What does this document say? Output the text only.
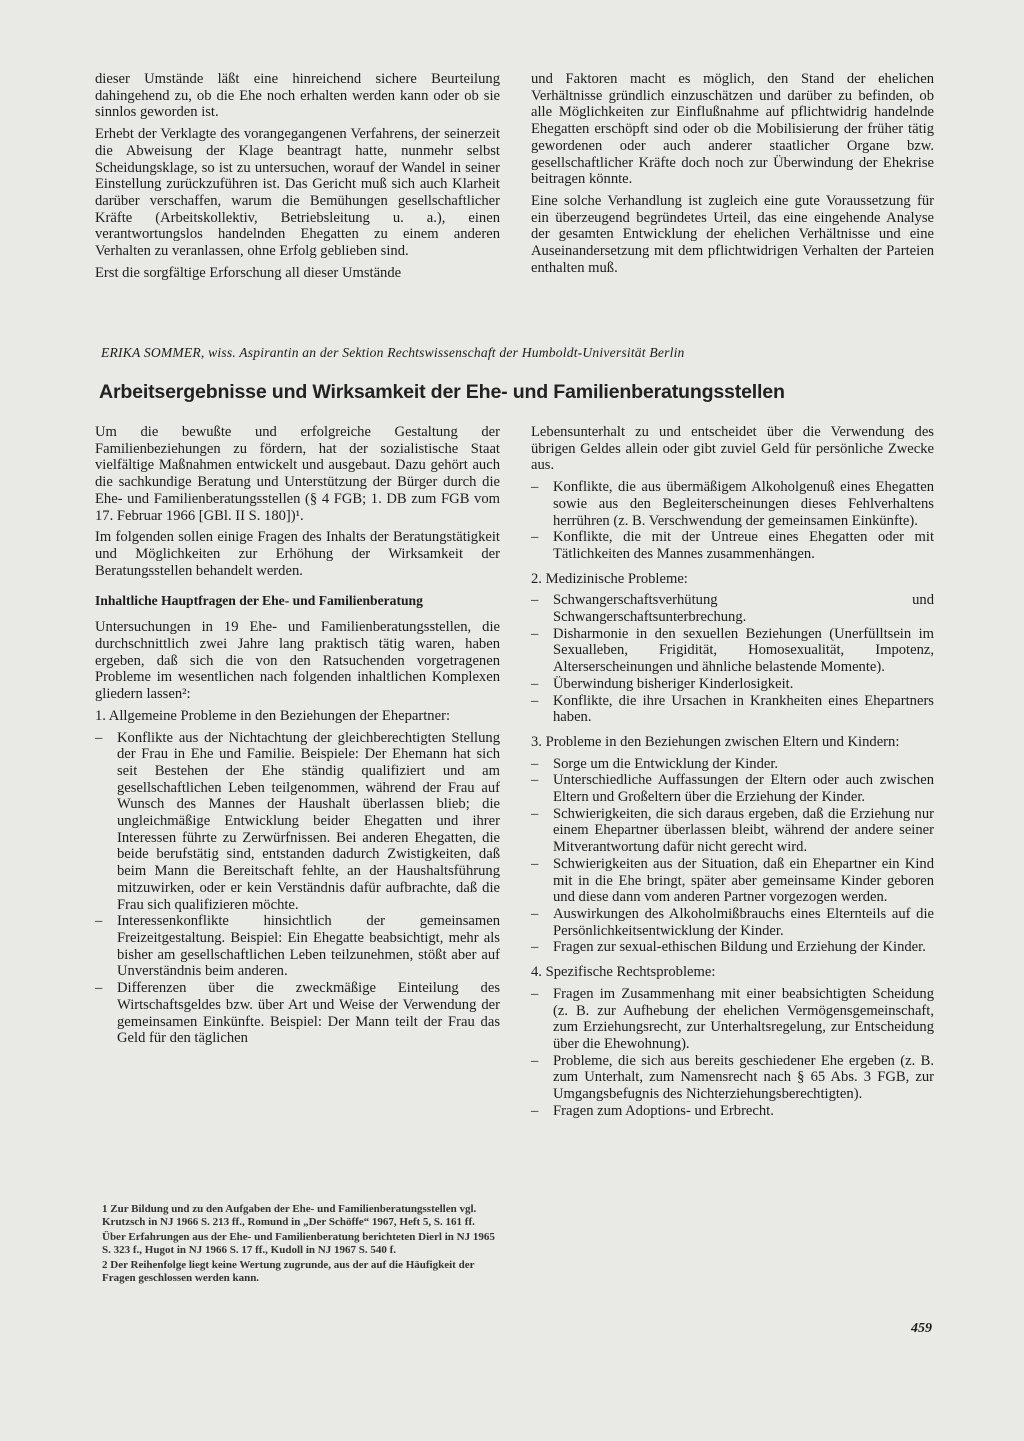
dieser Umstände läßt eine hinreichend sichere Beurteilung dahingehend zu, ob die Ehe noch erhalten werden kann oder ob sie sinnlos geworden ist.

Erhebt der Verklagte des vorangegangenen Verfahrens, der seinerzeit die Abweisung der Klage beantragt hatte, nunmehr selbst Scheidungsklage, so ist zu untersuchen, worauf der Wandel in seiner Einstellung zurückzuführen ist. Das Gericht muß sich auch Klarheit darüber verschaffen, warum die Bemühungen gesellschaftlicher Kräfte (Arbeitskollektiv, Betriebsleitung u. a.), einen verantwortungslos handelnden Ehegatten zu einem anderen Verhalten zu veranlassen, ohne Erfolg geblieben sind.

Erst die sorgfältige Erforschung all dieser Umstände

und Faktoren macht es möglich, den Stand der ehelichen Verhältnisse gründlich einzuschätzen und darüber zu befinden, ob alle Möglichkeiten zur Einflußnahme auf pflichtwidrig handelnde Ehegatten erschöpft sind oder ob die Mobilisierung der früher tätig gewordenen oder auch anderer staatlicher Organe bzw. gesellschaftlicher Kräfte doch noch zur Überwindung der Ehekrise beitragen könnte.

Eine solche Verhandlung ist zugleich eine gute Voraussetzung für ein überzeugend begründetes Urteil, das eine eingehende Analyse der gesamten Entwicklung der ehelichen Verhältnisse und eine Auseinandersetzung mit dem pflichtwidrigen Verhalten der Parteien enthalten muß.

ERIKA SOMMER, wiss. Aspirantin an der Sektion Rechtswissenschaft der Humboldt-Universität Berlin
Arbeitsergebnisse und Wirksamkeit der Ehe- und Familienberatungsstellen

Um die bewußte und erfolgreiche Gestaltung der Familienbeziehungen zu fördern, hat der sozialistische Staat vielfältige Maßnahmen entwickelt und ausgebaut. Dazu gehört auch die sachkundige Beratung und Unterstützung der Bürger durch die Ehe- und Familienberatungsstellen (§ 4 FGB; 1. DB zum FGB vom 17. Februar 1966 [GBl. II S. 180])¹.

Im folgenden sollen einige Fragen des Inhalts der Beratungstätigkeit und Möglichkeiten zur Erhöhung der Wirksamkeit der Beratungsstellen behandelt werden.

Inhaltliche Hauptfragen der Ehe- und Familienberatung

Untersuchungen in 19 Ehe- und Familienberatungsstellen, die durchschnittlich zwei Jahre lang praktisch tätig waren, haben ergeben, daß sich die von den Ratsuchenden vorgetragenen Probleme im wesentlichen nach folgenden inhaltlichen Komplexen gliedern lassen²:

1. Allgemeine Probleme in den Beziehungen der Ehepartner:

–	Konflikte aus der Nichtachtung der gleichberechtigten Stellung der Frau in Ehe und Familie. Beispiele: Der Ehemann hat sich seit Bestehen der Ehe ständig qualifiziert und am gesellschaftlichen Leben teilgenommen, während der Frau auf Wunsch des Mannes der Haushalt überlassen blieb; die ungleichmäßige Entwicklung beider Ehegatten und ihrer Interessen führte zu Zerwürfnissen. Bei anderen Ehegatten, die beide berufstätig sind, entstanden dadurch Zwistigkeiten, daß beim Mann die Bereitschaft fehlte, an der Haushaltsführung mitzuwirken, oder er kein Verständnis dafür aufbrachte, daß die Frau sich qualifizieren möchte.
–	Interessenkonflikte hinsichtlich der gemeinsamen Freizeitgestaltung. Beispiel: Ein Ehegatte beabsichtigt, mehr als bisher am gesellschaftlichen Leben teilzunehmen, stößt aber auf Unverständnis beim anderen.
–	Differenzen über die zweckmäßige Einteilung des Wirtschaftsgeldes bzw. über Art und Weise der Verwendung der gemeinsamen Einkünfte. Beispiel: Der Mann teilt der Frau das Geld für den täglichen

1 Zur Bildung und zu den Aufgaben der Ehe- und Familienberatungsstellen vgl. Krutzsch in NJ 1966 S. 213 ff., Romund in „Der Schöffe“ 1967, Heft 5, S. 161 ff.

Über Erfahrungen aus der Ehe- und Familienberatung berichteten Dierl in NJ 1965 S. 323 f., Hugot in NJ 1966 S. 17 ff., Kudoll in NJ 1967 S. 540 f.

2 Der Reihenfolge liegt keine Wertung zugrunde, aus der auf die Häufigkeit der Fragen geschlossen werden kann.

Lebensunterhalt zu und entscheidet über die Verwendung des übrigen Geldes allein oder gibt zuviel Geld für persönliche Zwecke aus.

–	Konflikte, die aus übermäßigem Alkoholgenuß eines Ehegatten sowie aus den Begleiterscheinungen dieses Fehlverhaltens herrühren (z. B. Verschwendung der gemeinsamen Einkünfte).
–	Konflikte, die mit der Untreue eines Ehegatten oder mit Tätlichkeiten des Mannes zusammenhängen.

2. Medizinische Probleme:

–	Schwangerschaftsverhütung und Schwangerschaftsunterbrechung.
–	Disharmonie in den sexuellen Beziehungen (Unerfülltsein im Sexualleben, Frigidität, Homosexualität, Impotenz, Alterserscheinungen und ähnliche belastende Momente).
–	Überwindung bisheriger Kinderlosigkeit.
–	Konflikte, die ihre Ursachen in Krankheiten eines Ehepartners haben.

3. Probleme in den Beziehungen zwischen Eltern und Kindern:

–	Sorge um die Entwicklung der Kinder.
–	Unterschiedliche Auffassungen der Eltern oder auch zwischen Eltern und Großeltern über die Erziehung der Kinder.
–	Schwierigkeiten, die sich daraus ergeben, daß die Erziehung nur einem Ehepartner überlassen bleibt, während der andere seiner Mitverantwortung dafür nicht gerecht wird.
–	Schwierigkeiten aus der Situation, daß ein Ehepartner ein Kind mit in die Ehe bringt, später aber gemeinsame Kinder geboren und diese dann vom anderen Partner vorgezogen werden.
–	Auswirkungen des Alkoholmißbrauchs eines Elternteils auf die Persönlichkeitsentwicklung der Kinder.
–	Fragen zur sexual-ethischen Bildung und Erziehung der Kinder.

4. Spezifische Rechtsprobleme:

–	Fragen im Zusammenhang mit einer beabsichtigten Scheidung (z. B. zur Aufhebung der ehelichen Vermögensgemeinschaft, zum Erziehungsrecht, zur Unterhaltsregelung, zur Entscheidung über die Ehewohnung).
–	Probleme, die sich aus bereits geschiedener Ehe ergeben (z. B. zum Unterhalt, zum Namensrecht nach § 65 Abs. 3 FGB, zur Umgangsbefugnis des Nichterziehungsberechtigten).
–	Fragen zum Adoptions- und Erbrecht.
459
